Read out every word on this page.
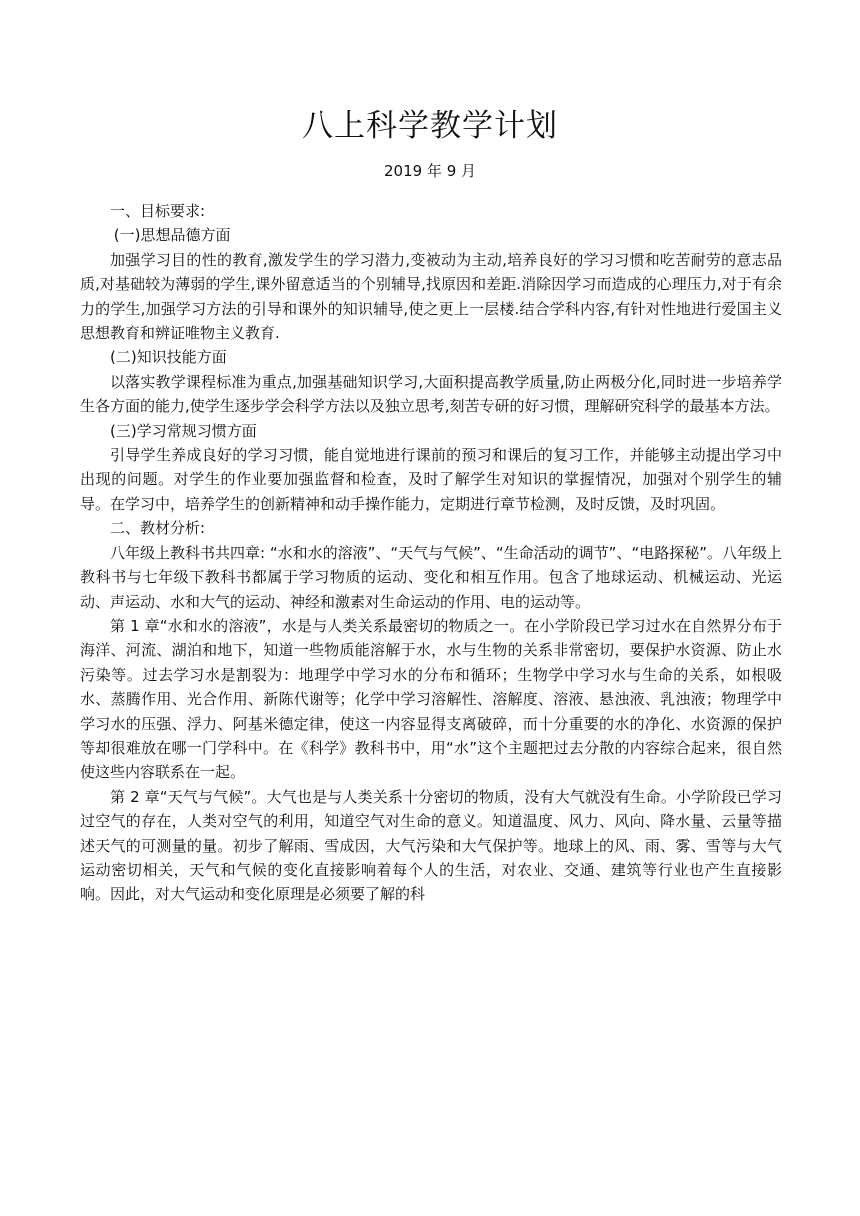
八上科学教学计划
2019 年 9 月

一、目标要求:

(一)思想品德方面

加强学习目的性的教育,激发学生的学习潜力,变被动为主动,培养良好的学习习惯和吃苦耐劳的意志品质,对基础较为薄弱的学生,课外留意适当的个别辅导,找原因和差距.消除因学习而造成的心理压力,对于有余力的学生,加强学习方法的引导和课外的知识辅导,使之更上一层楼.结合学科内容,有针对性地进行爱国主义思想教育和辨证唯物主义教育.

(二)知识技能方面

以落实教学课程标准为重点,加强基础知识学习,大面积提高教学质量,防止两极分化,同时进一步培养学生各方面的能力,使学生逐步学会科学方法以及独立思考,刻苦专研的好习惯，理解研究科学的最基本方法。

(三)学习常规习惯方面

引导学生养成良好的学习习惯，能自觉地进行课前的预习和课后的复习工作，并能够主动提出学习中出现的问题。对学生的作业要加强监督和检查，及时了解学生对知识的掌握情况，加强对个别学生的辅导。在学习中，培养学生的创新精神和动手操作能力，定期进行章节检测，及时反馈，及时巩固。

二、教材分析:

八年级上教科书共四章: “水和水的溶液”、“天气与气候”、“生命活动的调节”、“电路探秘”。八年级上教科书与七年级下教科书都属于学习物质的运动、变化和相互作用。包含了地球运动、机械运动、光运动、声运动、水和大气的运动、神经和激素对生命运动的作用、电的运动等。

第 1 章“水和水的溶液”，水是与人类关系最密切的物质之一。在小学阶段已学习过水在自然界分布于海洋、河流、湖泊和地下，知道一些物质能溶解于水，水与生物的关系非常密切，要保护水资源、防止水污染等。过去学习水是割裂为：地理学中学习水的分布和循环；生物学中学习水与生命的关系，如根吸水、蒸腾作用、光合作用、新陈代谢等；化学中学习溶解性、溶解度、溶液、悬浊液、乳浊液；物理学中学习水的压强、浮力、阿基米德定律，使这一内容显得支离破碎，而十分重要的水的净化、水资源的保护等却很难放在哪一门学科中。在《科学》教科书中，用“水”这个主题把过去分散的内容综合起来，很自然使这些内容联系在一起。

第 2 章“天气与气候”。大气也是与人类关系十分密切的物质，没有大气就没有生命。小学阶段已学习过空气的存在，人类对空气的利用，知道空气对生命的意义。知道温度、风力、风向、降水量、云量等描述天气的可测量的量。初步了解雨、雪成因，大气污染和大气保护等。地球上的风、雨、雾、雪等与大气运动密切相关，天气和气候的变化直接影响着每个人的生活，对农业、交通、建筑等行业也产生直接影响。因此，对大气运动和变化原理是必须要了解的科
